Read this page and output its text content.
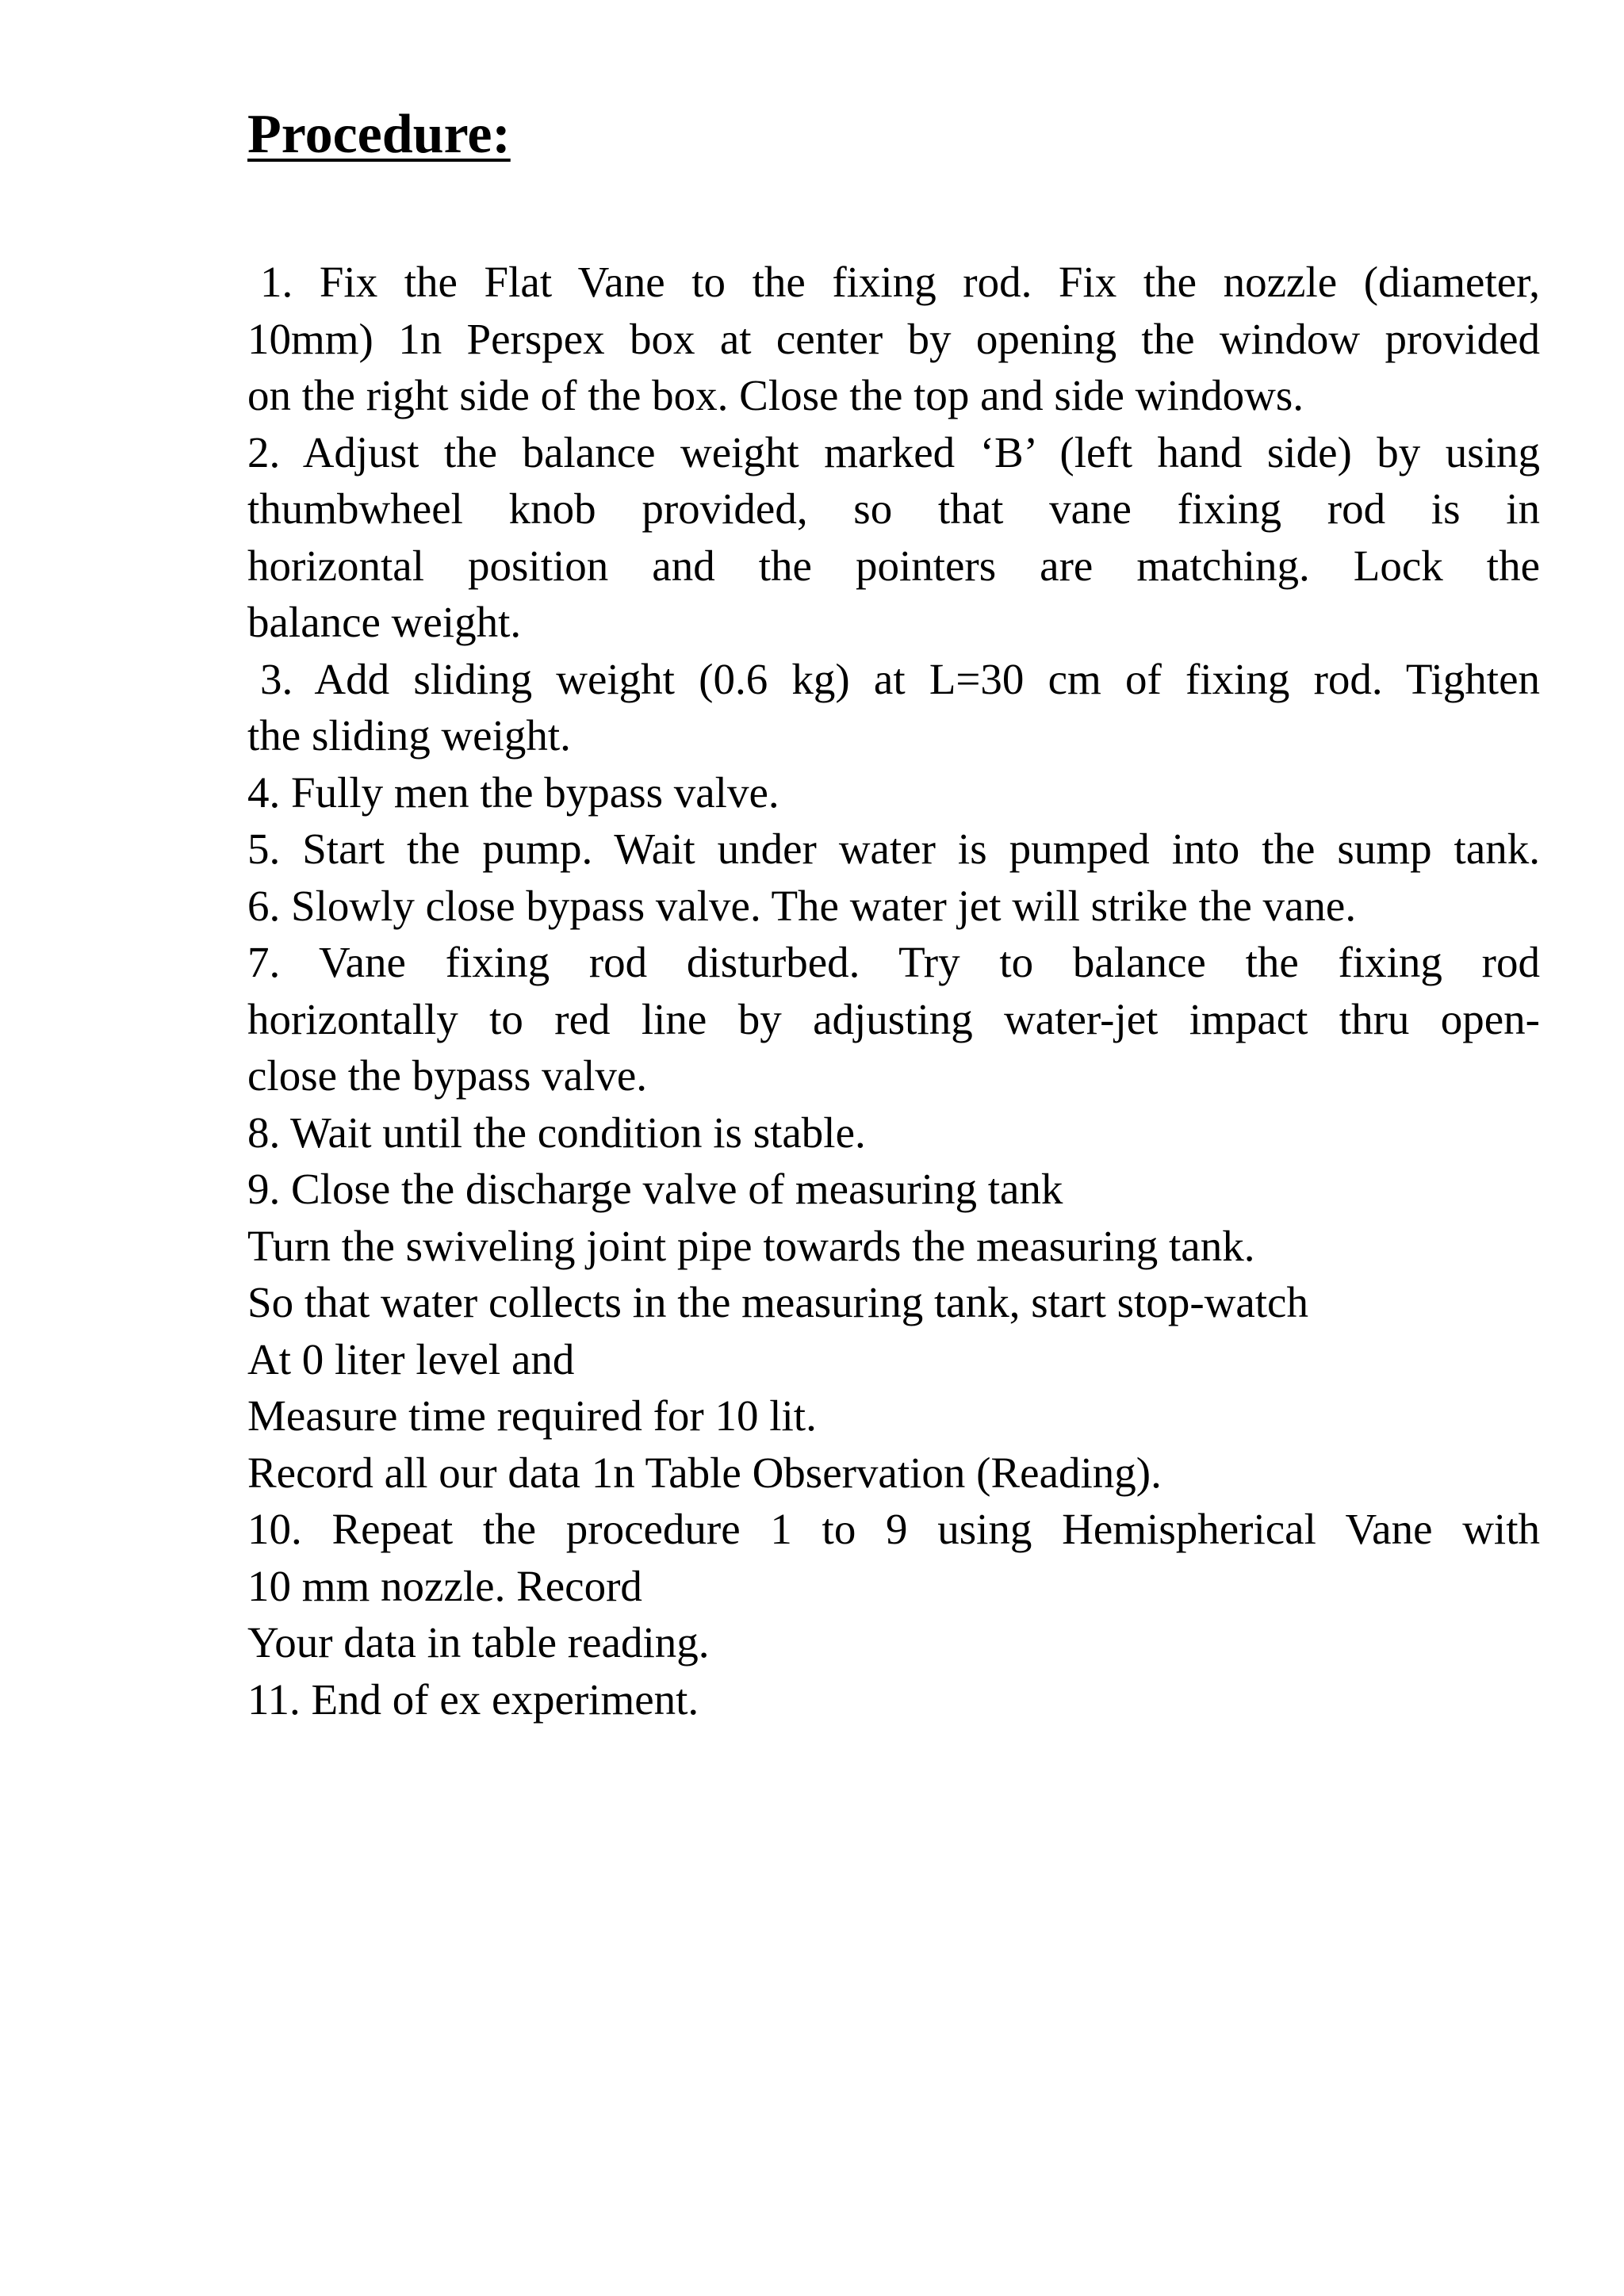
Procedure:
1. Fix the Flat Vane to the fixing rod. Fix the nozzle (diameter,
10mm) 1n Perspex box at center by opening the window provided
on the right side of the box. Close the top and side windows.
2. Adjust the balance weight marked ‘B’ (left hand side) by using
thumbwheel knob provided, so that vane fixing rod is in
horizontal position and the pointers are matching. Lock the
balance weight.
3. Add sliding weight (0.6 kg) at L=30 cm of fixing rod. Tighten
the sliding weight.
4. Fully men the bypass valve.
5. Start the pump. Wait under water is pumped into the sump tank.
6. Slowly close bypass valve. The water jet will strike the vane.
7. Vane fixing rod disturbed. Try to balance the fixing rod
horizontally to red line by adjusting water-jet impact thru open-
close the bypass valve.
8. Wait until the condition is stable.
9. Close the discharge valve of measuring tank
Turn the swiveling joint pipe towards the measuring tank.
So that water collects in the measuring tank, start stop-watch
At 0 liter level and
Measure time required for 10 lit.
Record all our data 1n Table Observation (Reading).
10. Repeat the procedure 1 to 9 using Hemispherical Vane with
10 mm nozzle. Record
Your data in table reading.
11. End of ex experiment.
